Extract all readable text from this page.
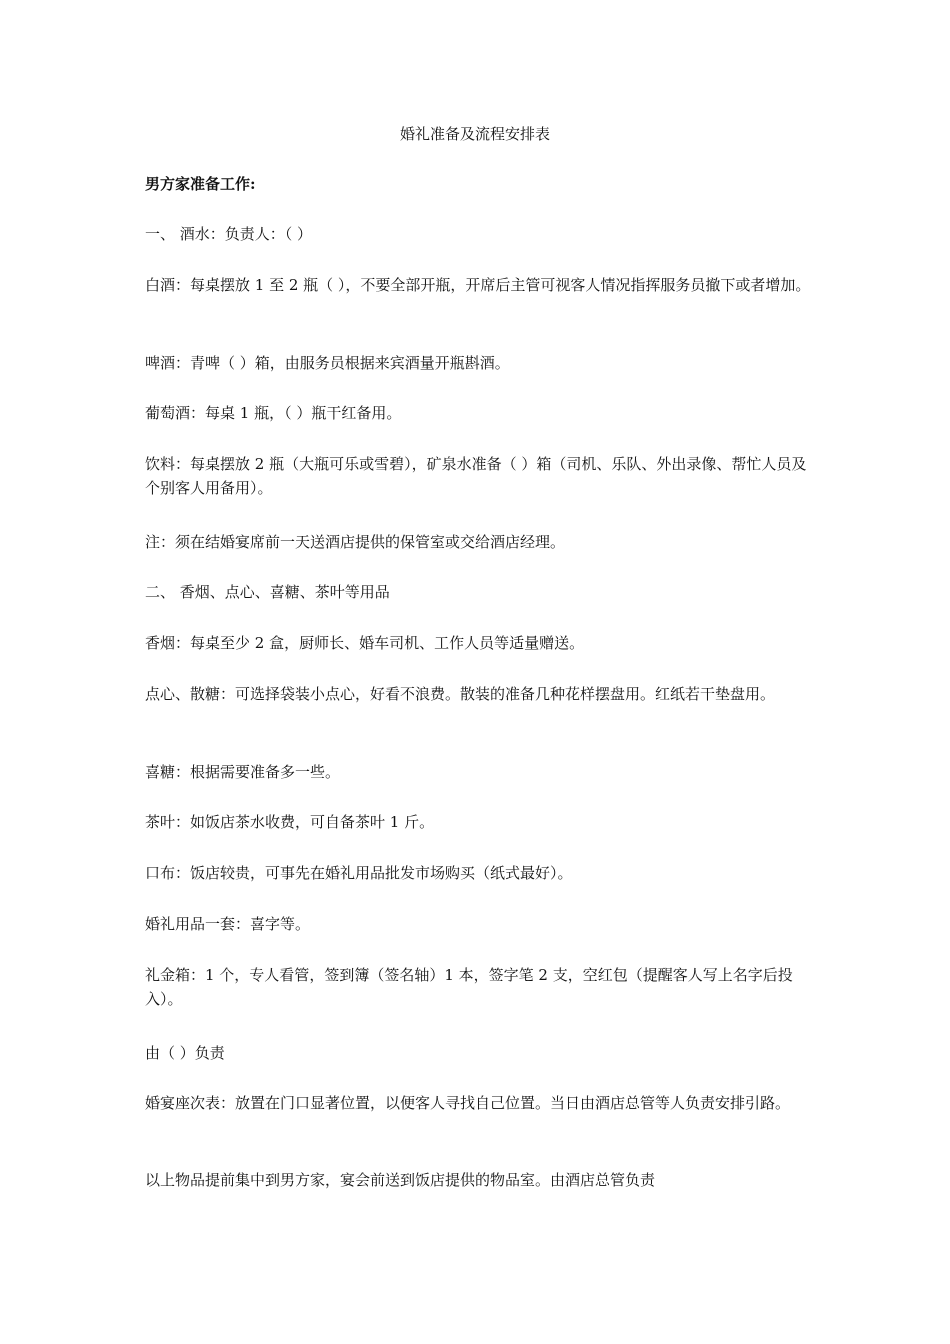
婚礼准备及流程安排表

男方家准备工作:

一、 酒水：负责人：（ ）

白酒：每桌摆放 1 至 2 瓶（ ），不要全部开瓶，开席后主管可视客人情况指挥服务员撤下或者增加。

啤酒：青啤（ ）箱，由服务员根据来宾酒量开瓶斟酒。

葡萄酒：每桌 1 瓶，（ ）瓶干红备用。

饮料：每桌摆放 2 瓶（大瓶可乐或雪碧），矿泉水准备（ ）箱（司机、乐队、外出录像、帮忙人员及个别客人用备用）。

注：须在结婚宴席前一天送酒店提供的保管室或交给酒店经理。

二、 香烟、点心、喜糖、茶叶等用品

香烟：每桌至少 2 盒，厨师长、婚车司机、工作人员等适量赠送。

点心、散糖：可选择袋装小点心，好看不浪费。散装的准备几种花样摆盘用。红纸若干垫盘用。

喜糖：根据需要准备多一些。

茶叶：如饭店茶水收费，可自备茶叶 1 斤。

口布：饭店较贵，可事先在婚礼用品批发市场购买（纸式最好）。

婚礼用品一套：喜字等。

礼金箱：1 个，专人看管，签到簿（签名轴）1 本，签字笔 2 支，空红包（提醒客人写上名字后投入）。

由（ ）负责

婚宴座次表：放置在门口显著位置，以便客人寻找自己位置。当日由酒店总管等人负责安排引路。

以上物品提前集中到男方家，宴会前送到饭店提供的物品室。由酒店总管负责
